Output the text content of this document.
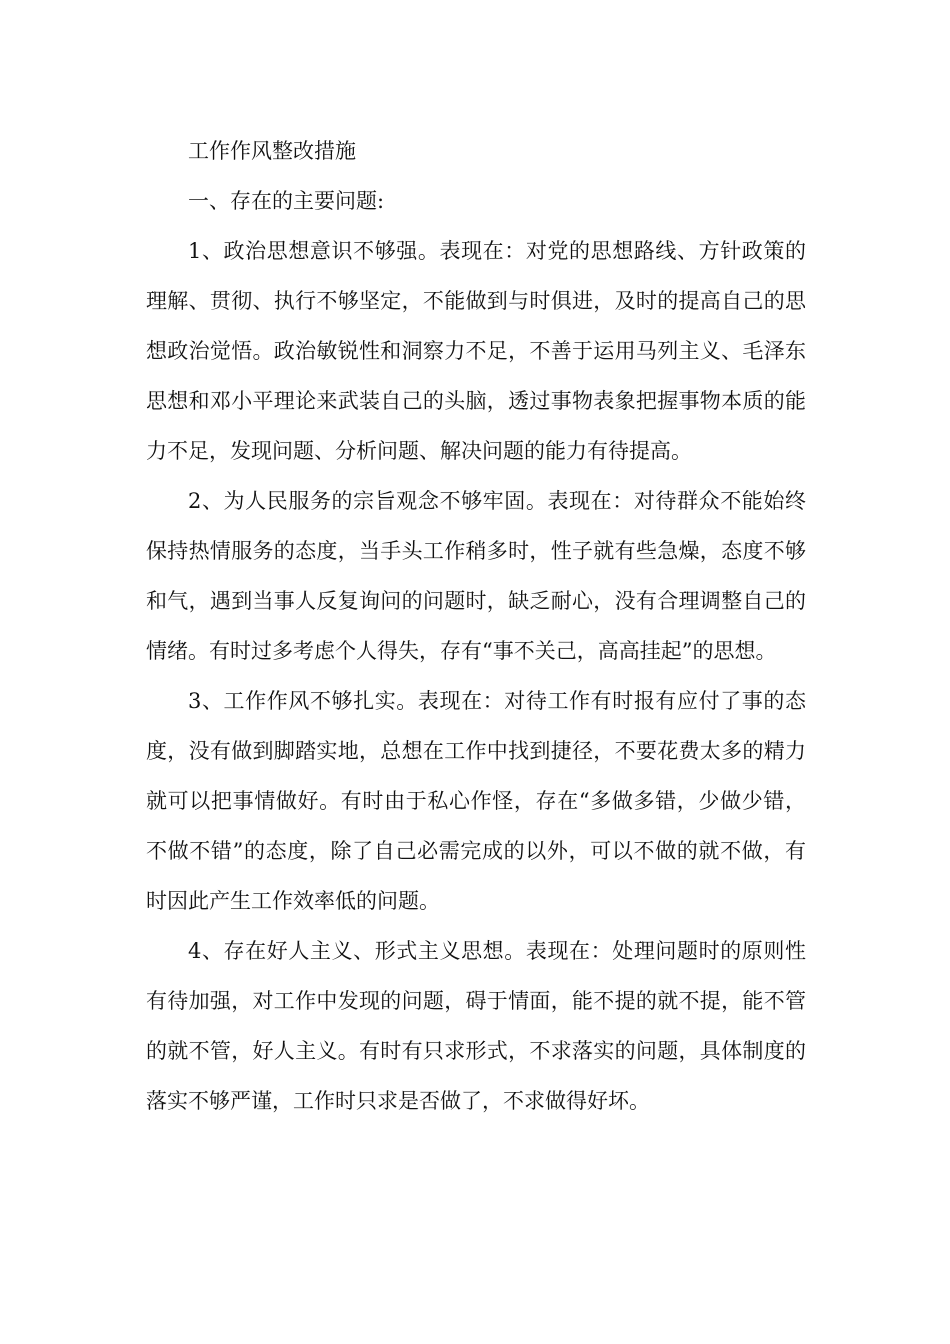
工作作风整改措施

一、存在的主要问题:

1、政治思想意识不够强。表现在：对党的思想路线、方针政策的理解、贯彻、执行不够坚定，不能做到与时俱进，及时的提高自己的思想政治觉悟。政治敏锐性和洞察力不足，不善于运用马列主义、毛泽东思想和邓小平理论来武装自己的头脑，透过事物表象把握事物本质的能力不足，发现问题、分析问题、解决问题的能力有待提高。

2、为人民服务的宗旨观念不够牢固。表现在：对待群众不能始终保持热情服务的态度，当手头工作稍多时，性子就有些急燥，态度不够和气，遇到当事人反复询问的问题时，缺乏耐心，没有合理调整自己的情绪。有时过多考虑个人得失，存有“事不关己，高高挂起”的思想。

3、工作作风不够扎实。表现在：对待工作有时报有应付了事的态度，没有做到脚踏实地，总想在工作中找到捷径，不要花费太多的精力就可以把事情做好。有时由于私心作怪，存在“多做多错，少做少错，不做不错”的态度，除了自己必需完成的以外，可以不做的就不做，有时因此产生工作效率低的问题。

4、存在好人主义、形式主义思想。表现在：处理问题时的原则性有待加强，对工作中发现的问题，碍于情面，能不提的就不提，能不管的就不管，好人主义。有时有只求形式，不求落实的问题，具体制度的落实不够严谨，工作时只求是否做了，不求做得好坏。
